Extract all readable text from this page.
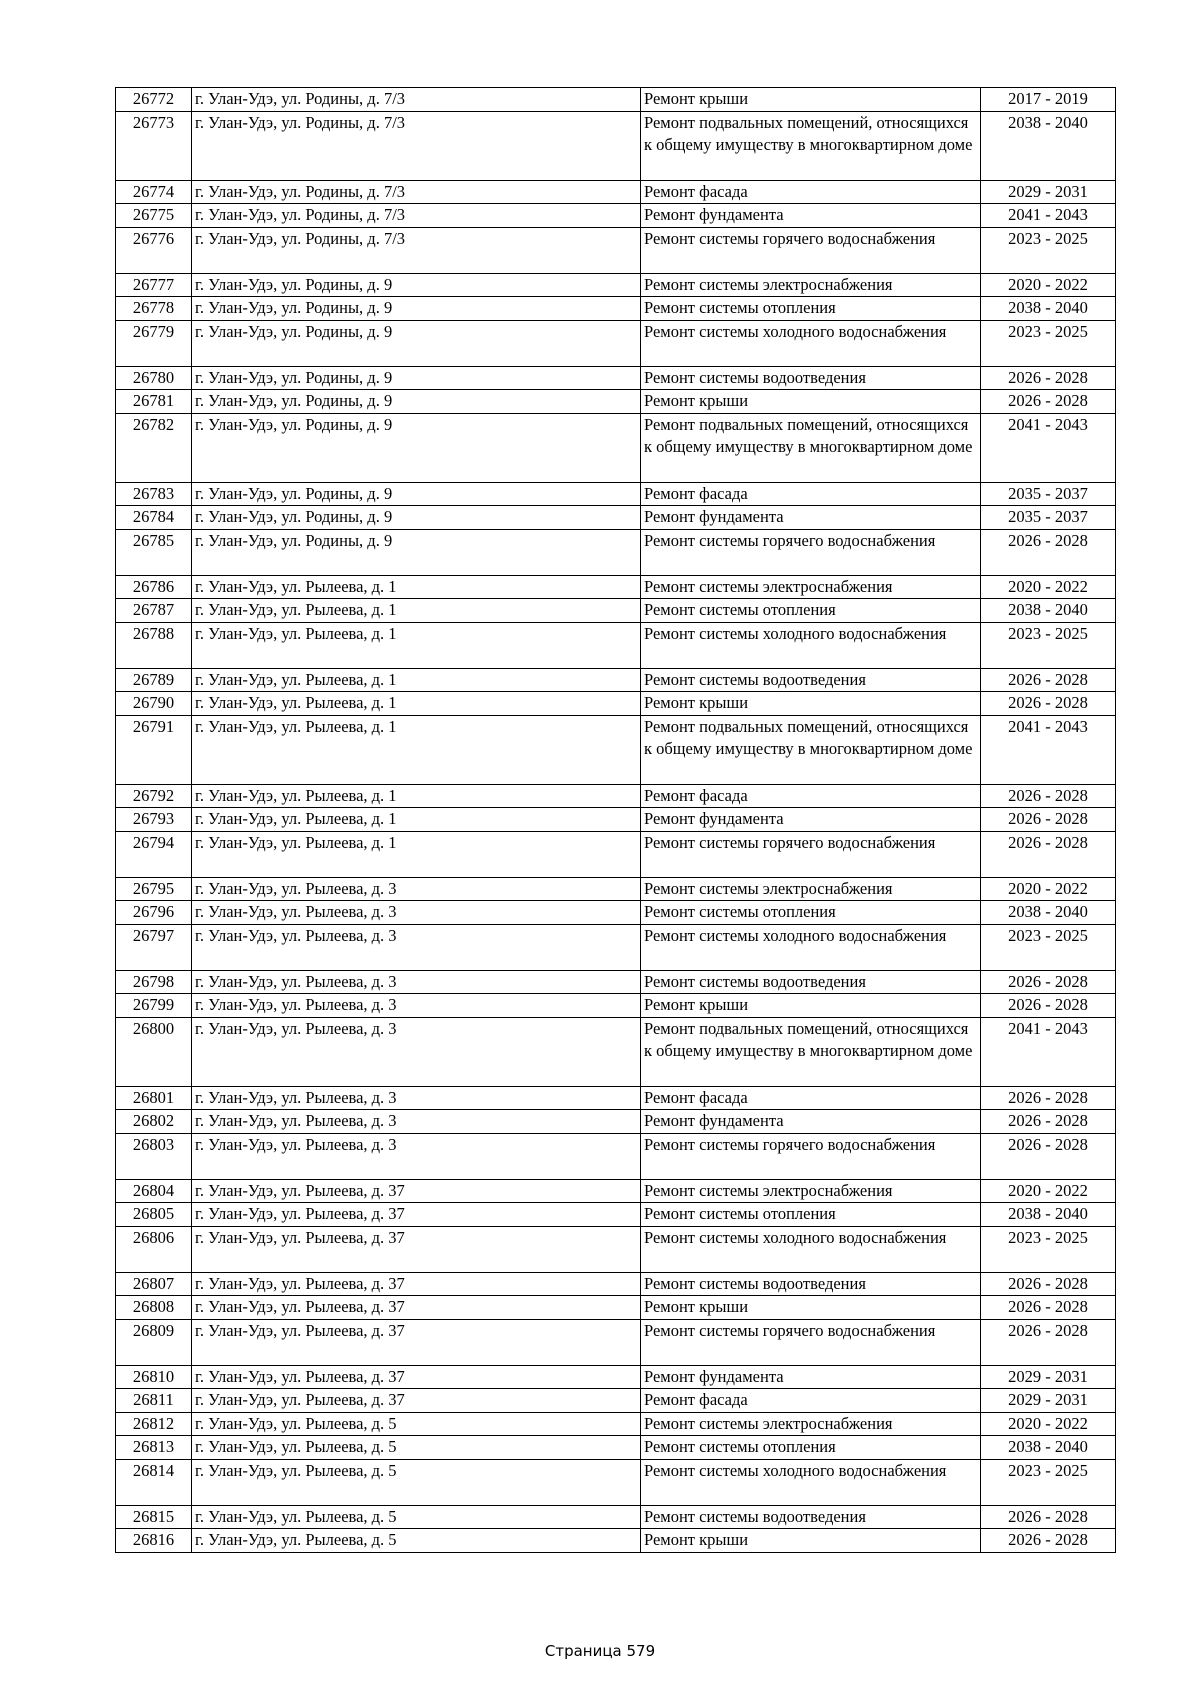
26772	г. Улан-Удэ, ул. Родины, д. 7/3	Ремонт крыши	2017 - 2019
26773	г. Улан-Удэ, ул. Родины, д. 7/3	Ремонт подвальных помещений, относящихся к общему имуществу в многоквартирном доме	2038 - 2040
26774	г. Улан-Удэ, ул. Родины, д. 7/3	Ремонт фасада	2029 - 2031
26775	г. Улан-Удэ, ул. Родины, д. 7/3	Ремонт фундамента	2041 - 2043
26776	г. Улан-Удэ, ул. Родины, д. 7/3	Ремонт системы горячего водоснабжения	2023 - 2025
26777	г. Улан-Удэ, ул. Родины, д. 9	Ремонт системы электроснабжения	2020 - 2022
26778	г. Улан-Удэ, ул. Родины, д. 9	Ремонт системы отопления	2038 - 2040
26779	г. Улан-Удэ, ул. Родины, д. 9	Ремонт системы холодного водоснабжения	2023 - 2025
26780	г. Улан-Удэ, ул. Родины, д. 9	Ремонт системы водоотведения	2026 - 2028
26781	г. Улан-Удэ, ул. Родины, д. 9	Ремонт крыши	2026 - 2028
26782	г. Улан-Удэ, ул. Родины, д. 9	Ремонт подвальных помещений, относящихся к общему имуществу в многоквартирном доме	2041 - 2043
26783	г. Улан-Удэ, ул. Родины, д. 9	Ремонт фасада	2035 - 2037
26784	г. Улан-Удэ, ул. Родины, д. 9	Ремонт фундамента	2035 - 2037
26785	г. Улан-Удэ, ул. Родины, д. 9	Ремонт системы горячего водоснабжения	2026 - 2028
26786	г. Улан-Удэ, ул. Рылеева, д. 1	Ремонт системы электроснабжения	2020 - 2022
26787	г. Улан-Удэ, ул. Рылеева, д. 1	Ремонт системы отопления	2038 - 2040
26788	г. Улан-Удэ, ул. Рылеева, д. 1	Ремонт системы холодного водоснабжения	2023 - 2025
26789	г. Улан-Удэ, ул. Рылеева, д. 1	Ремонт системы водоотведения	2026 - 2028
26790	г. Улан-Удэ, ул. Рылеева, д. 1	Ремонт крыши	2026 - 2028
26791	г. Улан-Удэ, ул. Рылеева, д. 1	Ремонт подвальных помещений, относящихся к общему имуществу в многоквартирном доме	2041 - 2043
26792	г. Улан-Удэ, ул. Рылеева, д. 1	Ремонт фасада	2026 - 2028
26793	г. Улан-Удэ, ул. Рылеева, д. 1	Ремонт фундамента	2026 - 2028
26794	г. Улан-Удэ, ул. Рылеева, д. 1	Ремонт системы горячего водоснабжения	2026 - 2028
26795	г. Улан-Удэ, ул. Рылеева, д. 3	Ремонт системы электроснабжения	2020 - 2022
26796	г. Улан-Удэ, ул. Рылеева, д. 3	Ремонт системы отопления	2038 - 2040
26797	г. Улан-Удэ, ул. Рылеева, д. 3	Ремонт системы холодного водоснабжения	2023 - 2025
26798	г. Улан-Удэ, ул. Рылеева, д. 3	Ремонт системы водоотведения	2026 - 2028
26799	г. Улан-Удэ, ул. Рылеева, д. 3	Ремонт крыши	2026 - 2028
26800	г. Улан-Удэ, ул. Рылеева, д. 3	Ремонт подвальных помещений, относящихся к общему имуществу в многоквартирном доме	2041 - 2043
26801	г. Улан-Удэ, ул. Рылеева, д. 3	Ремонт фасада	2026 - 2028
26802	г. Улан-Удэ, ул. Рылеева, д. 3	Ремонт фундамента	2026 - 2028
26803	г. Улан-Удэ, ул. Рылеева, д. 3	Ремонт системы горячего водоснабжения	2026 - 2028
26804	г. Улан-Удэ, ул. Рылеева, д. 37	Ремонт системы электроснабжения	2020 - 2022
26805	г. Улан-Удэ, ул. Рылеева, д. 37	Ремонт системы отопления	2038 - 2040
26806	г. Улан-Удэ, ул. Рылеева, д. 37	Ремонт системы холодного водоснабжения	2023 - 2025
26807	г. Улан-Удэ, ул. Рылеева, д. 37	Ремонт системы водоотведения	2026 - 2028
26808	г. Улан-Удэ, ул. Рылеева, д. 37	Ремонт крыши	2026 - 2028
26809	г. Улан-Удэ, ул. Рылеева, д. 37	Ремонт системы горячего водоснабжения	2026 - 2028
26810	г. Улан-Удэ, ул. Рылеева, д. 37	Ремонт фундамента	2029 - 2031
26811	г. Улан-Удэ, ул. Рылеева, д. 37	Ремонт фасада	2029 - 2031
26812	г. Улан-Удэ, ул. Рылеева, д. 5	Ремонт системы электроснабжения	2020 - 2022
26813	г. Улан-Удэ, ул. Рылеева, д. 5	Ремонт системы отопления	2038 - 2040
26814	г. Улан-Удэ, ул. Рылеева, д. 5	Ремонт системы холодного водоснабжения	2023 - 2025
26815	г. Улан-Удэ, ул. Рылеева, д. 5	Ремонт системы водоотведения	2026 - 2028
26816	г. Улан-Удэ, ул. Рылеева, д. 5	Ремонт крыши	2026 - 2028
Страница 579
